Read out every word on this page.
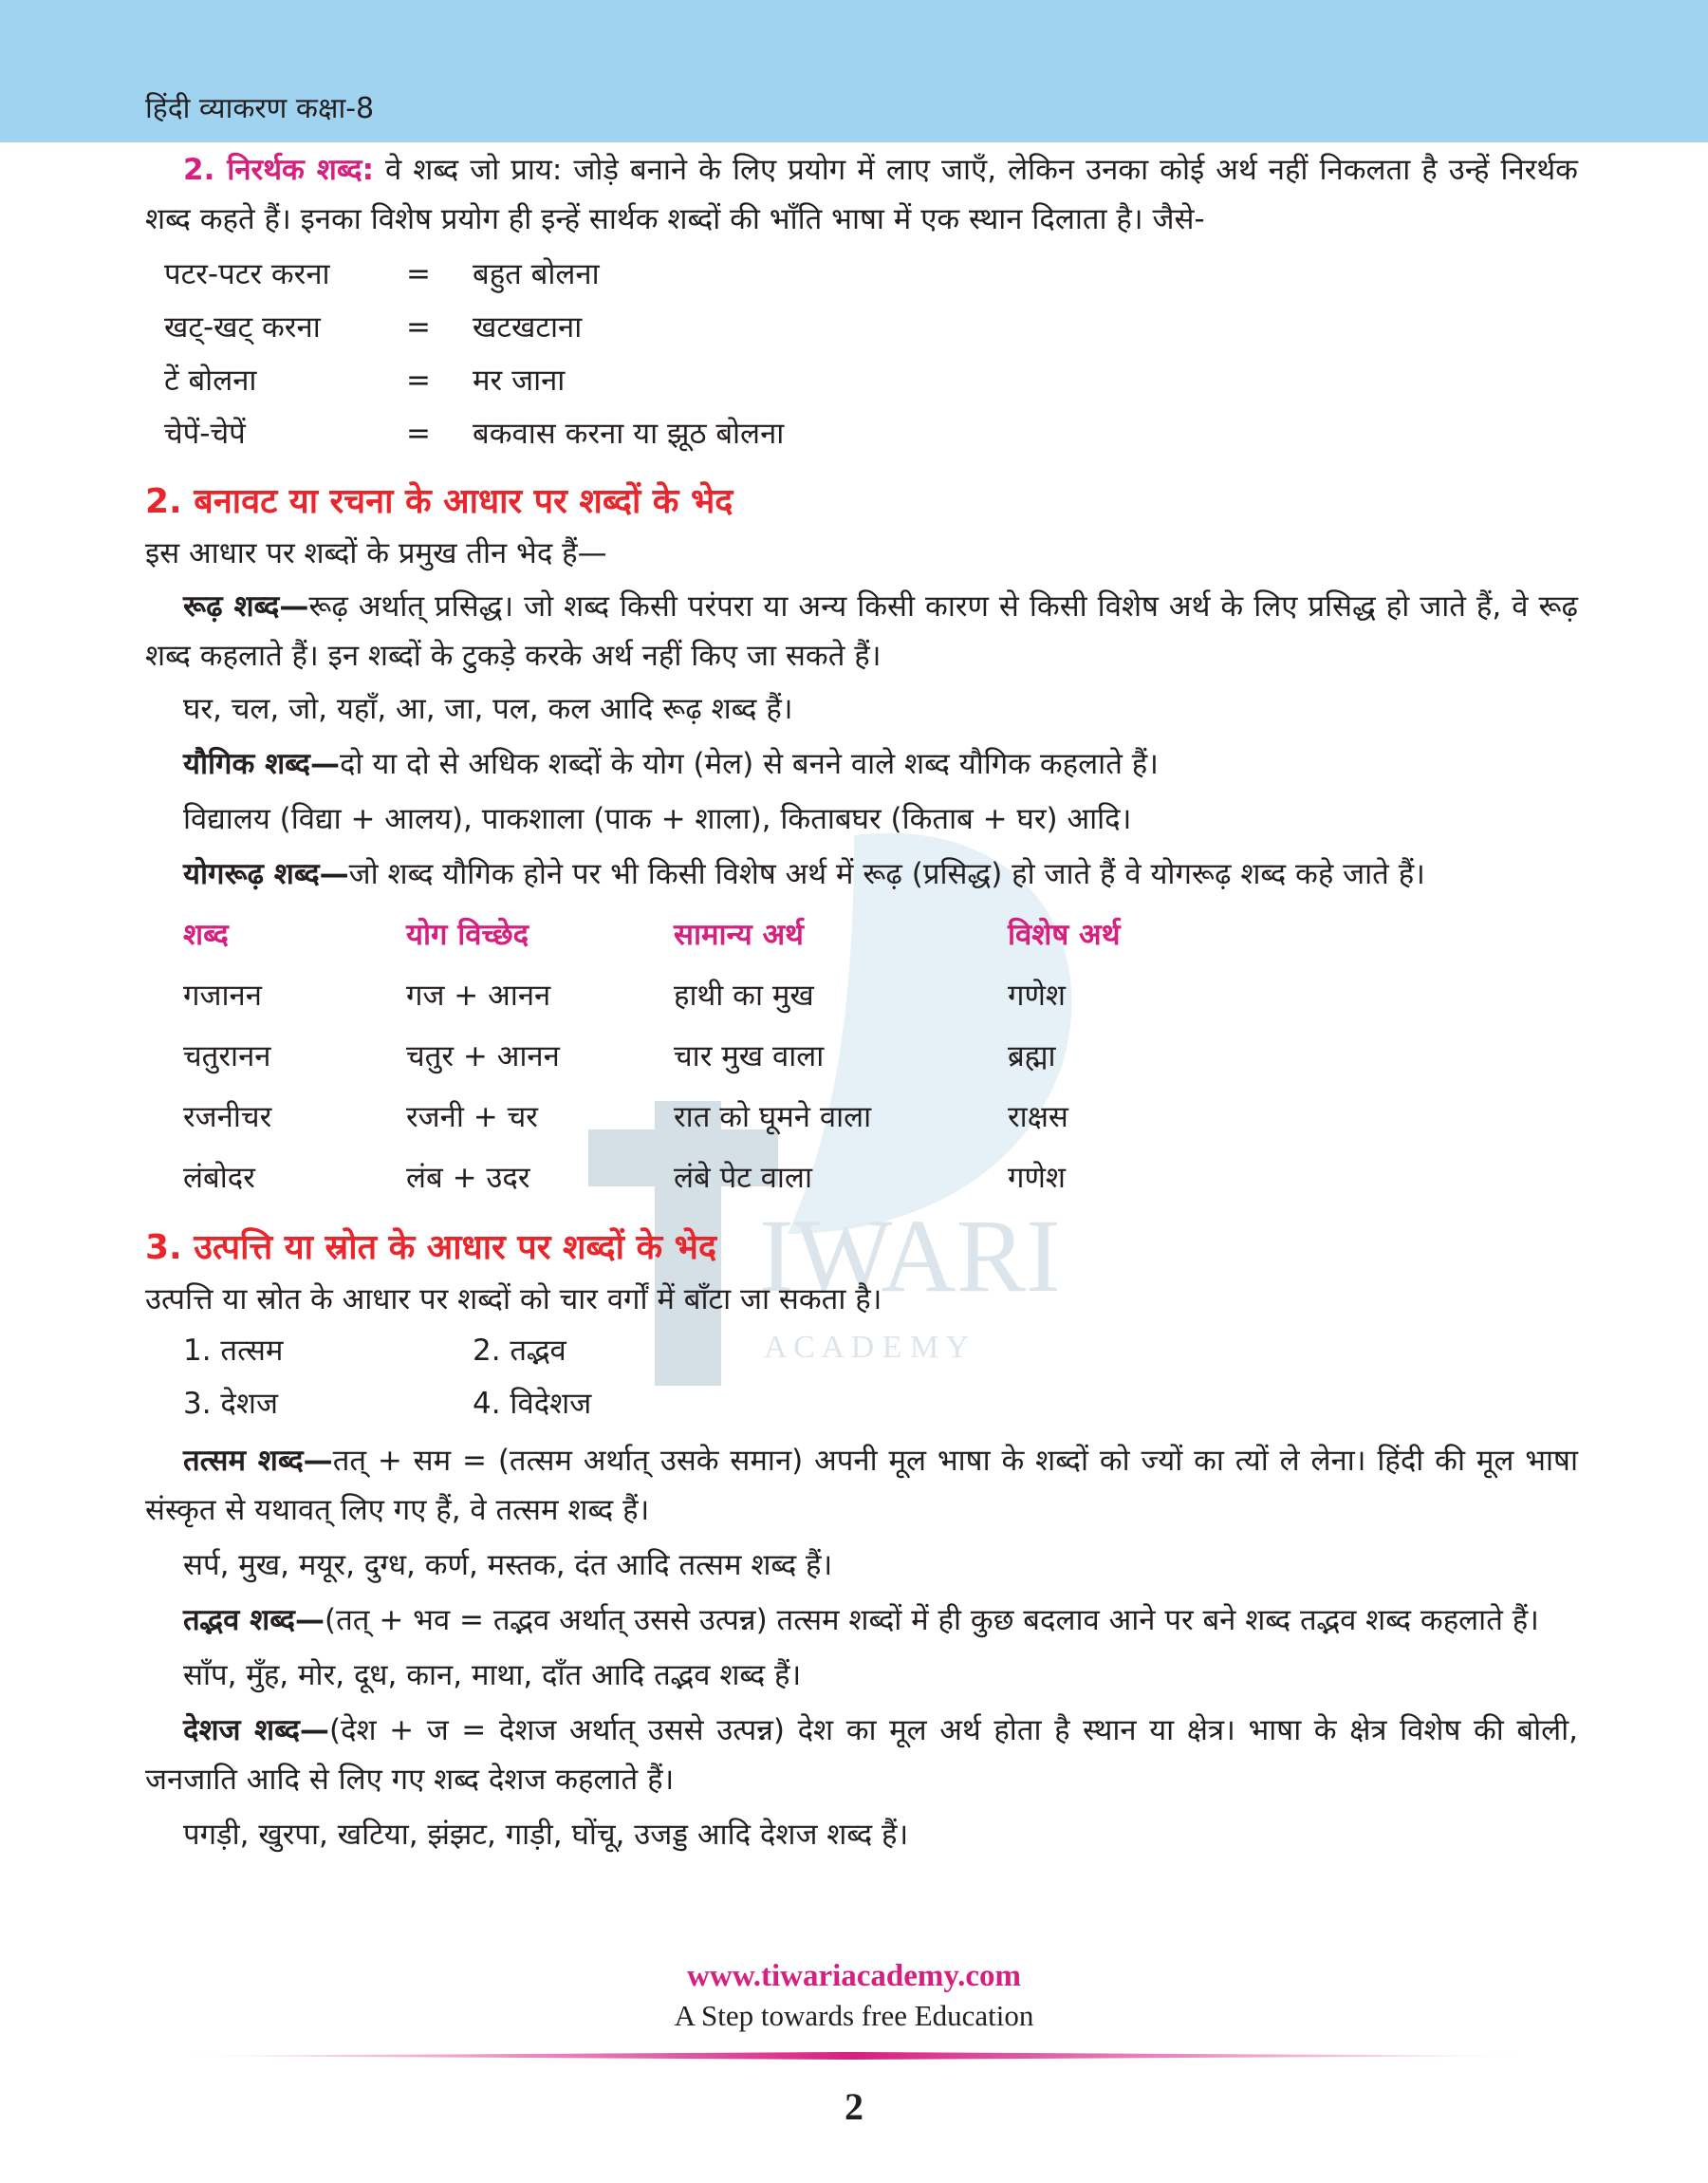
हिंदी व्याकरण कक्षा-8
IWARI
A C A D E M Y

2. निरर्थक शब्द: वे शब्द जो प्राय: जोड़े बनाने के लिए प्रयोग में लाए जाएँ, लेकिन उनका कोई अर्थ नहीं निकलता है उन्हें निरर्थक शब्द कहते हैं। इनका विशेष प्रयोग ही इन्हें सार्थक शब्दों की भाँति भाषा में एक स्थान दिलाता है। जैसे-

पटर-पटर करना	=	बहुत बोलना
खट्-खट् करना	=	खटखटाना
टें बोलना	=	मर जाना
चेपें-चेपें	=	बकवास करना या झूठ बोलना
2. बनावट या रचना के आधार पर शब्दों के भेद

इस आधार पर शब्दों के प्रमुख तीन भेद हैं—

रूढ़ शब्द—रूढ़ अर्थात् प्रसिद्ध। जो शब्द किसी परंपरा या अन्य किसी कारण से किसी विशेष अर्थ के लिए प्रसिद्ध हो जाते हैं, वे रूढ़ शब्द कहलाते हैं। इन शब्दों के टुकड़े करके अर्थ नहीं किए जा सकते हैं।

घर, चल, जो, यहाँ, आ, जा, पल, कल आदि रूढ़ शब्द हैं।

यौगिक शब्द—दो या दो से अधिक शब्दों के योग (मेल) से बनने वाले शब्द यौगिक कहलाते हैं।

विद्यालय (विद्या + आलय), पाकशाला (पाक + शाला), किताबघर (किताब + घर) आदि।

योगरूढ़ शब्द—जो शब्द यौगिक होने पर भी किसी विशेष अर्थ में रूढ़ (प्रसिद्ध) हो जाते हैं वे योगरूढ़ शब्द कहे जाते हैं।

शब्द	योग विच्छेद	सामान्य अर्थ	विशेष अर्थ
गजानन	गज + आनन	हाथी का मुख	गणेश
चतुरानन	चतुर + आनन	चार मुख वाला	ब्रह्मा
रजनीचर	रजनी + चर	रात को घूमने वाला	राक्षस
लंबोदर	लंब + उदर	लंबे पेट वाला	गणेश
3. उत्पत्ति या स्रोत के आधार पर शब्दों के भेद

उत्पत्ति या स्रोत के आधार पर शब्दों को चार वर्गों में बाँटा जा सकता है।

1. तत्सम	2. तद्भव
3. देशज	4. विदेशज

तत्सम शब्द—तत् + सम = (तत्सम अर्थात् उसके समान) अपनी मूल भाषा के शब्दों को ज्यों का त्यों ले लेना। हिंदी की मूल भाषा संस्कृत से यथावत् लिए गए हैं, वे तत्सम शब्द हैं।

सर्प, मुख, मयूर, दुग्ध, कर्ण, मस्तक, दंत आदि तत्सम शब्द हैं।

तद्भव शब्द—(तत् + भव = तद्भव अर्थात् उससे उत्पन्न) तत्सम शब्दों में ही कुछ बदलाव आने पर बने शब्द तद्भव शब्द कहलाते हैं।

साँप, मुँह, मोर, दूध, कान, माथा, दाँत आदि तद्भव शब्द हैं।

देशज शब्द—(देश + ज = देशज अर्थात् उससे उत्पन्न) देश का मूल अर्थ होता है स्थान या क्षेत्र। भाषा के क्षेत्र विशेष की बोली, जनजाति आदि से लिए गए शब्द देशज कहलाते हैं।

पगड़ी, खुरपा, खटिया, झंझट, गाड़ी, घोंचू, उजड्ड आदि देशज शब्द हैं।

www.tiwariacademy.com
A Step towards free Education
2
